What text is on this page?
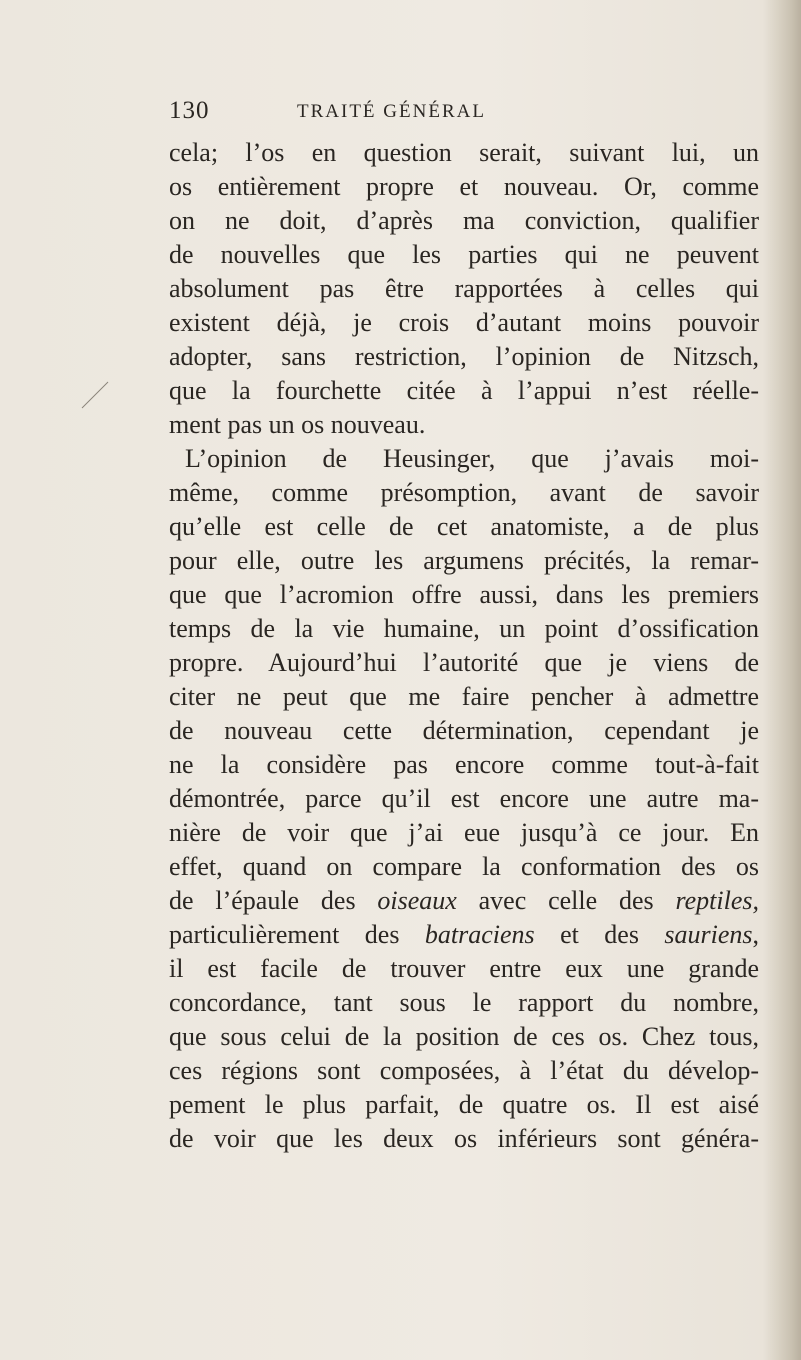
130	TRAITÉ GÉNÉRAL
cela; l’os en question serait, suivant lui, un
os entièrement propre et nouveau. Or, comme
on ne doit, d’après ma conviction, qualifier
de nouvelles que les parties qui ne peuvent
absolument pas être rapportées à celles qui
existent déjà, je crois d’autant moins pouvoir
adopter, sans restriction, l’opinion de Nitzsch,
que la fourchette citée à l’appui n’est réelle-
ment pas un os nouveau.
L’opinion de Heusinger, que j’avais moi-
même, comme présomption, avant de savoir
qu’elle est celle de cet anatomiste, a de plus
pour elle, outre les argumens précités, la remar-
que que l’acromion offre aussi, dans les premiers
temps de la vie humaine, un point d’ossification
propre. Aujourd’hui l’autorité que je viens de
citer ne peut que me faire pencher à admettre
de nouveau cette détermination, cependant je
ne la considère pas encore comme tout-à-fait
démontrée, parce qu’il est encore une autre ma-
nière de voir que j’ai eue jusqu’à ce jour. En
effet, quand on compare la conformation des os
de l’épaule des oiseaux avec celle des reptiles,
particulièrement des batraciens et des sauriens,
il est facile de trouver entre eux une grande
concordance, tant sous le rapport du nombre,
que sous celui de la position de ces os. Chez tous,
ces régions sont composées, à l’état du dévelop-
pement le plus parfait, de quatre os. Il est aisé
de voir que les deux os inférieurs sont généra-
